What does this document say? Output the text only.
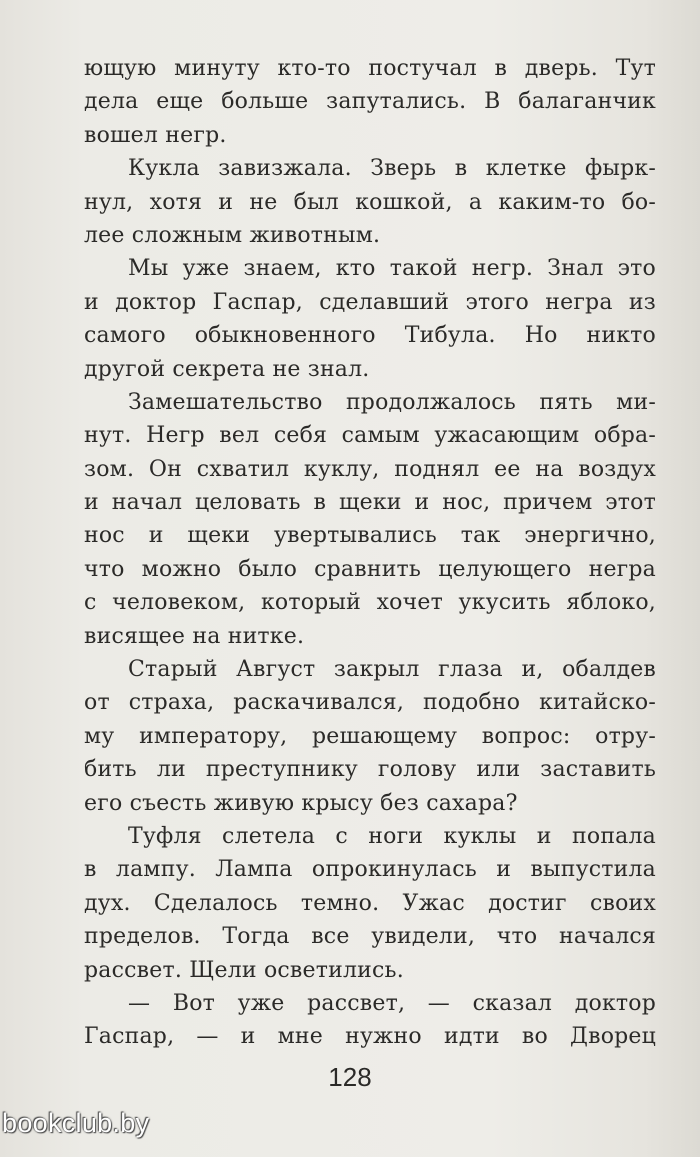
ющую минуту кто-то постучал в дверь. Тут
дела еще больше запутались. В балаганчик
вошел негр.
Кукла завизжала. Зверь в клетке фырк-
нул, хотя и не был кошкой, а каким-то бо-
лее сложным животным.
Мы уже знаем, кто такой негр. Знал это
и доктор Гаспар, сделавший этого негра из
самого обыкновенного Тибула. Но никто
другой секрета не знал.
Замешательство продолжалось пять ми-
нут. Негр вел себя самым ужасающим обра-
зом. Он схватил куклу, поднял ее на воздух
и начал целовать в щеки и нос, причем этот
нос и щеки увертывались так энергично,
что можно было сравнить целующего негра
с человеком, который хочет укусить яблоко,
висящее на нитке.
Старый Август закрыл глаза и, обалдев
от страха, раскачивался, подобно китайско-
му императору, решающему вопрос: отру-
бить ли преступнику голову или заставить
его съесть живую крысу без сахара?
Туфля слетела с ноги куклы и попала
в лампу. Лампа опрокинулась и выпустила
дух. Сделалось темно. Ужас достиг своих
пределов. Тогда все увидели, что начался
рассвет. Щели осветились.
— Вот уже рассвет, — сказал доктор
Гаспар, — и мне нужно идти во Дворец
128
bookclub.by
